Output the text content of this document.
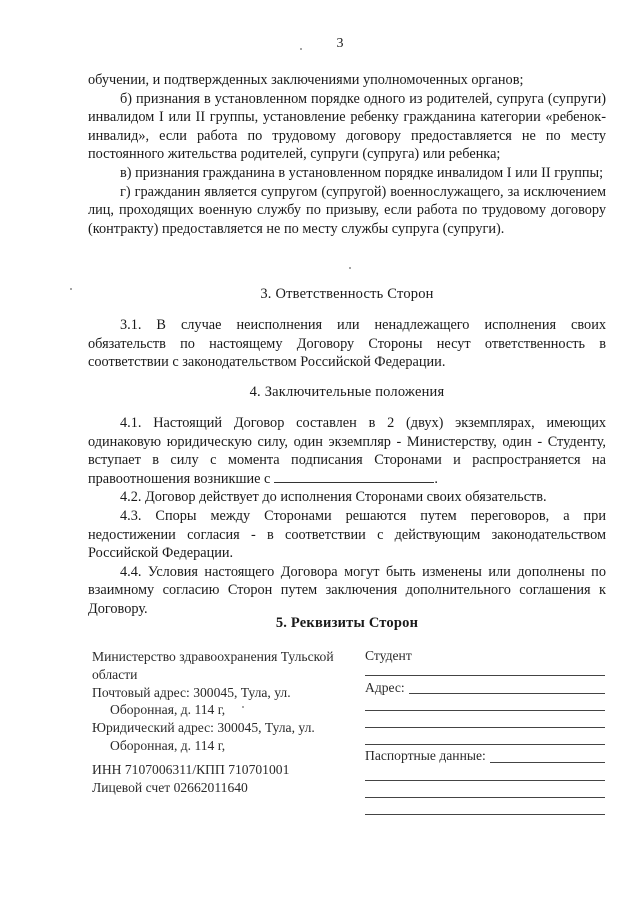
3

обучении, и подтвержденных заключениями уполномоченных органов;

б) признания в установленном порядке одного из родителей, супруга (супруги) инвалидом I или II группы, установление ребенку гражданина категории «ребенок-инвалид», если работа по трудовому договору предоставляется не по месту постоянного жительства родителей, супруги (супруга) или ребенка;

в) признания гражданина в установленном порядке инвалидом I или II группы;

г) гражданин является супругом (супругой) военнослужащего, за исключением лиц, проходящих военную службу по призыву, если работа по трудовому договору (контракту) предоставляется не по месту службы супруга (супруги).

3. Ответственность Сторон

3.1. В случае неисполнения или ненадлежащего исполнения своих обязательств по настоящему Договору Стороны несут ответственность в соответствии с законодательством Российской Федерации.

4. Заключительные положения

4.1. Настоящий Договор составлен в 2 (двух) экземплярах, имеющих одинаковую юридическую силу, один экземпляр - Министерству, один - Студенту, вступает в силу с момента подписания Сторонами и распространяется на правоотношения возникшие с	.

4.2. Договор действует до исполнения Сторонами своих обязательств.

4.3. Споры между Сторонами решаются путем переговоров, а при недостижении согласия - в соответствии с действующим законодательством Российской Федерации.

4.4. Условия настоящего Договора могут быть изменены или дополнены по взаимному согласию Сторон путем заключения дополнительного соглашения к Договору.

5. Реквизиты Сторон

Министерство здравоохранения Тульской области

Почтовый адрес: 300045, Тула, ул.

Оборонная, д. 114 г,

Юридический адрес: 300045, Тула, ул.

Оборонная, д. 114 г,

ИНН 7107006311/КПП 710701001

Лицевой счет 02662011640

Студент
Адрес:
Паспортные данные:
